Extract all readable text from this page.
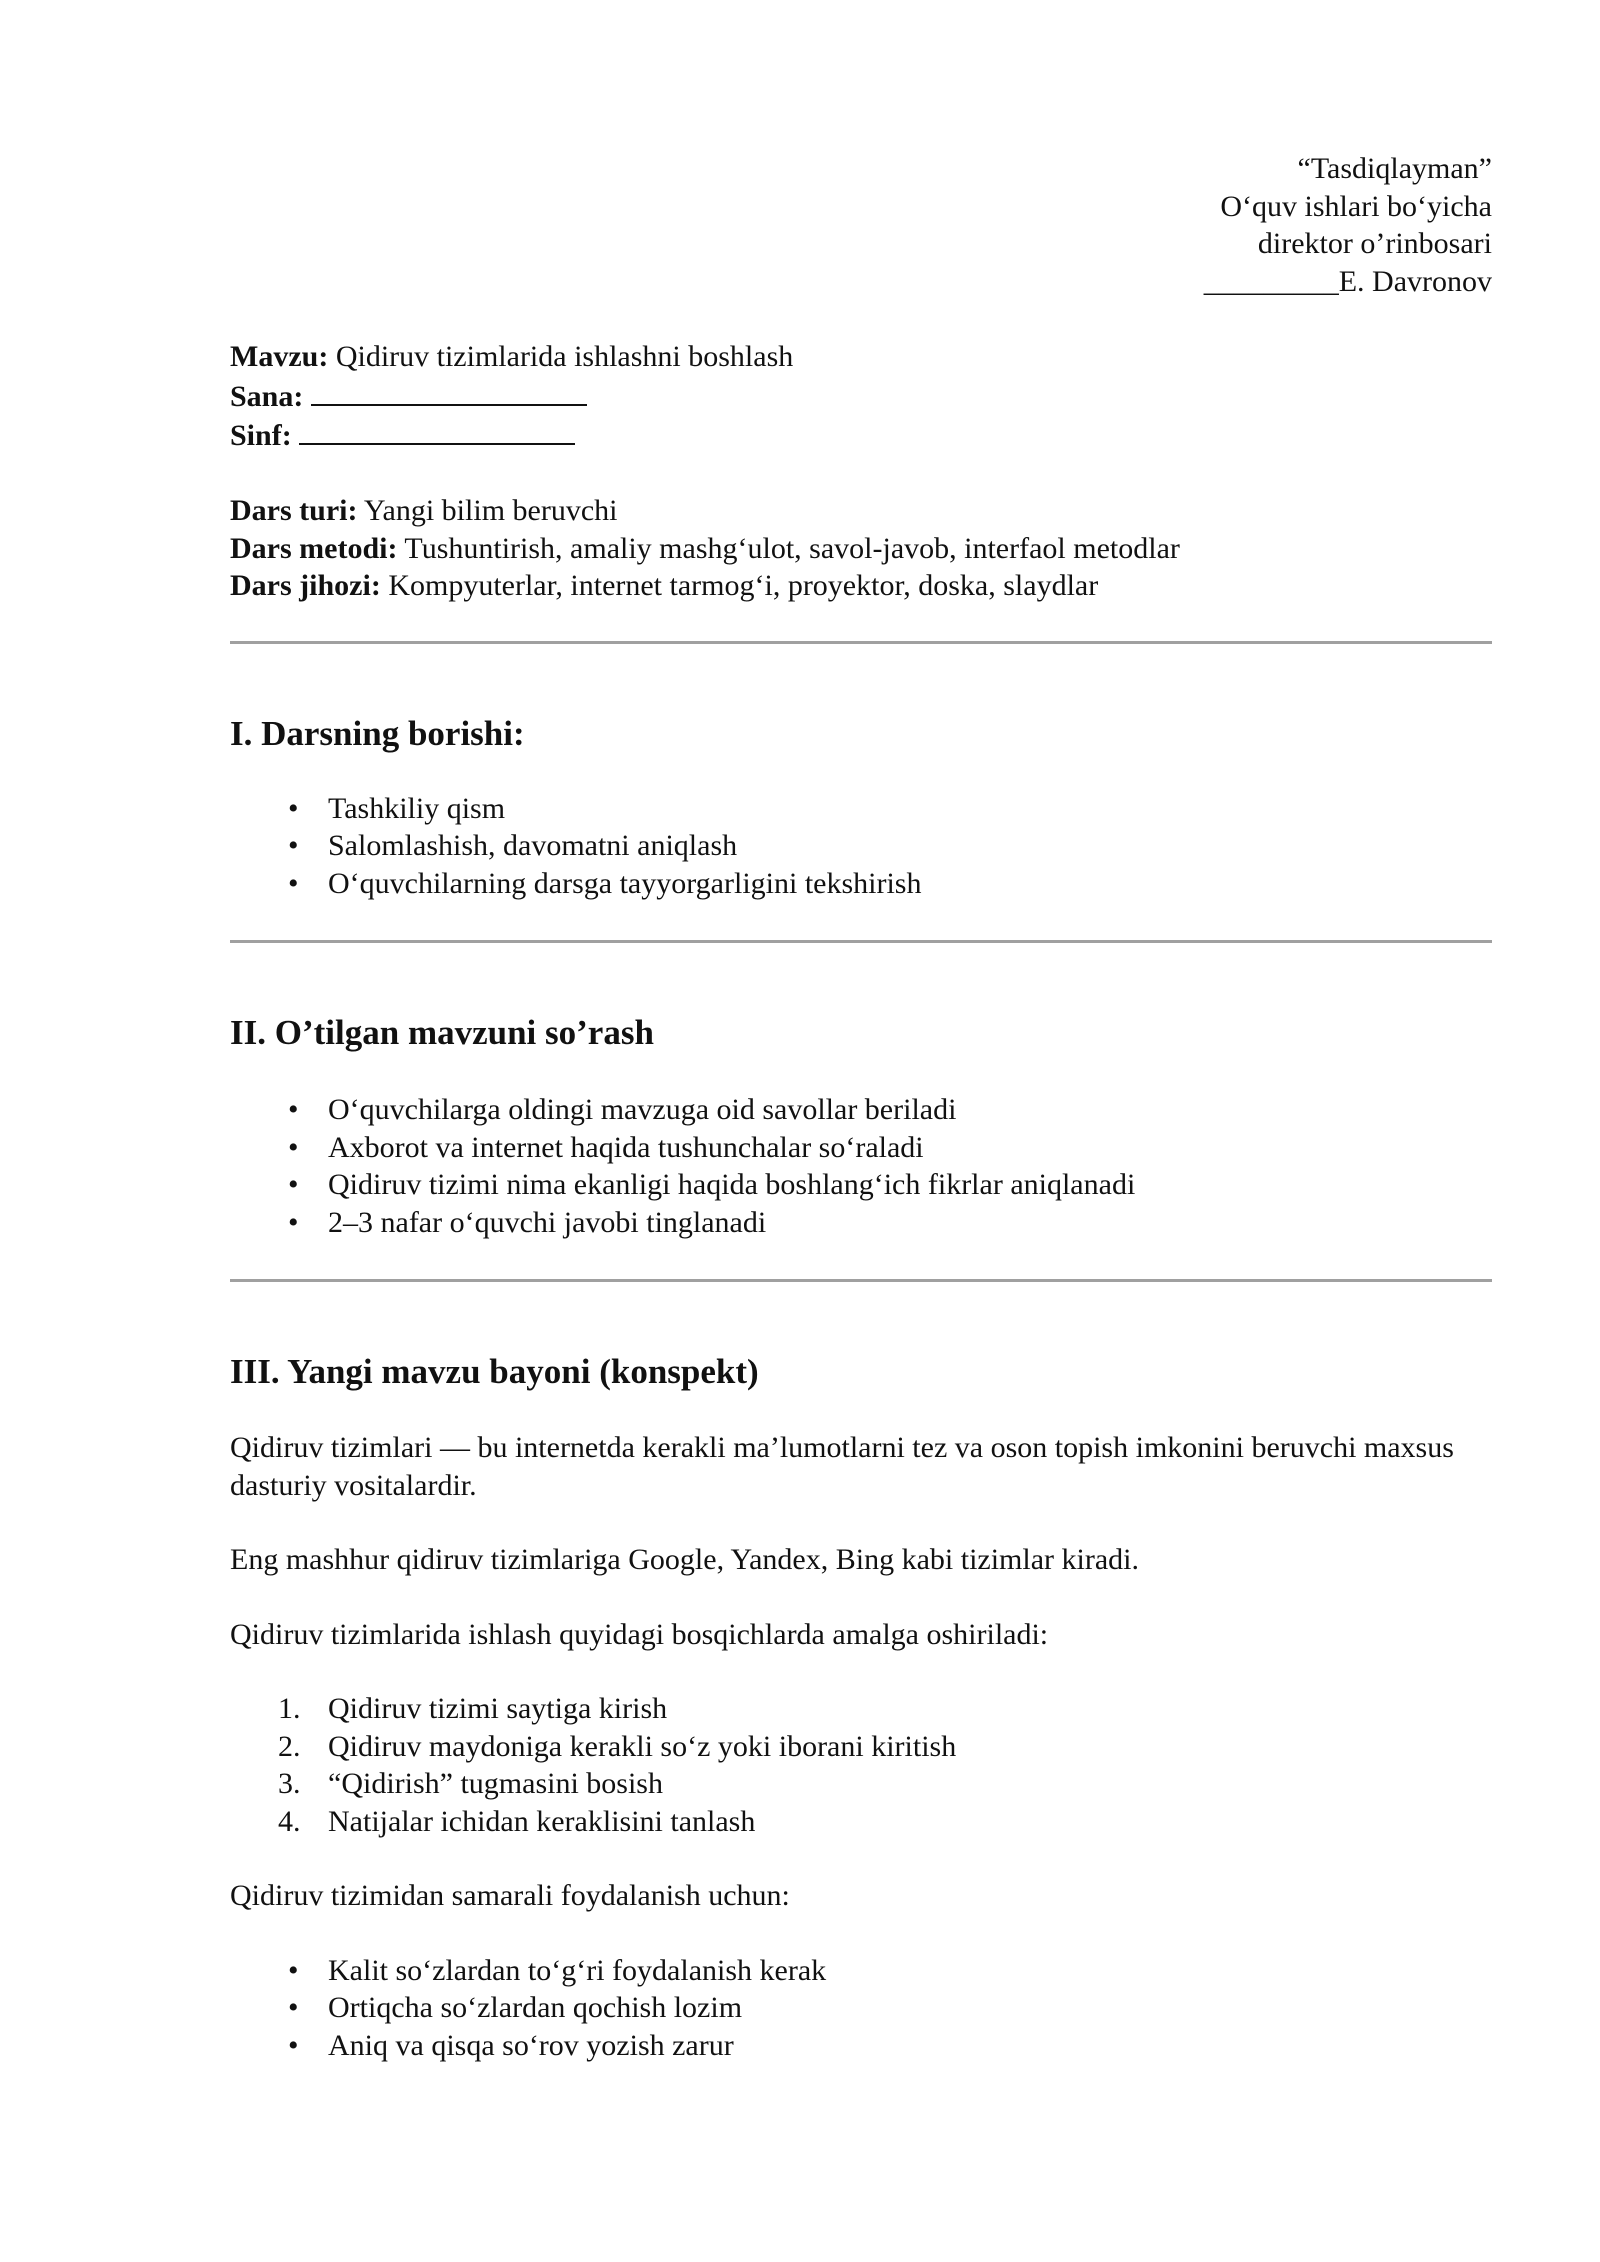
“Tasdiqlayman”
O‘quv ishlari bo‘yicha
direktor o’rinbosari
_________E. Davronov

Mavzu: Qidiruv tizimlarida ishlashni boshlash

Sana:

Sinf:

Dars turi: Yangi bilim beruvchi

Dars metodi: Tushuntirish, amaliy mashg‘ulot, savol-javob, interfaol metodlar

Dars jihozi: Kompyuterlar, internet tarmog‘i, proyektor, doska, slaydlar

I. Darsning borishi:
• Tashkiliy qism
• Salomlashish, davomatni aniqlash
• O‘quvchilarning darsga tayyorgarligini tekshirish
II. O’tilgan mavzuni so’rash
• O‘quvchilarga oldingi mavzuga oid savollar beriladi
• Axborot va internet haqida tushunchalar so‘raladi
• Qidiruv tizimi nima ekanligi haqida boshlang‘ich fikrlar aniqlanadi
• 2–3 nafar o‘quvchi javobi tinglanadi
III. Yangi mavzu bayoni (konspekt)

Qidiruv tizimlari — bu internetda kerakli ma’lumotlarni tez va oson topish imkonini beruvchi maxsus dasturiy vositalardir.

Eng mashhur qidiruv tizimlariga Google, Yandex, Bing kabi tizimlar kiradi.

Qidiruv tizimlarida ishlash quyidagi bosqichlarda amalga oshiriladi:

1. Qidiruv tizimi saytiga kirish
2. Qidiruv maydoniga kerakli so‘z yoki iborani kiritish
3. “Qidirish” tugmasini bosish
4. Natijalar ichidan keraklisini tanlash

Qidiruv tizimidan samarali foydalanish uchun:

• Kalit so‘zlardan to‘g‘ri foydalanish kerak
• Ortiqcha so‘zlardan qochish lozim
• Aniq va qisqa so‘rov yozish zarur
